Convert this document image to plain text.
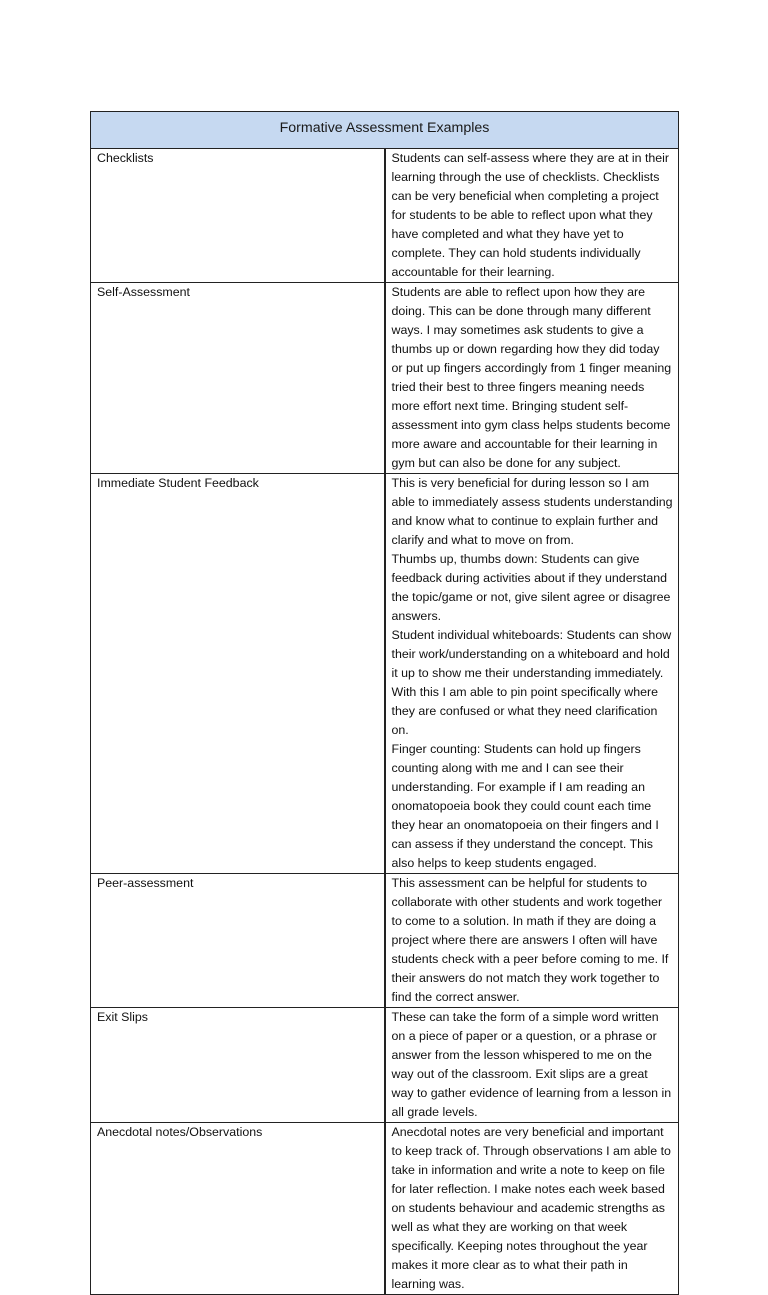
Formative Assessment Examples	

Checklists	Students can self-assess where they are at in their learning through the use of checklists. Checklists can be very beneficial when completing a project for students to be able to reflect upon what they have completed and what they have yet to complete. They can hold students individually accountable for their learning.

Self-Assessment	Students are able to reflect upon how they are doing. This can be done through many different ways. I may sometimes ask students to give a thumbs up or down regarding how they did today or put up fingers accordingly from 1 finger meaning tried their best to three fingers meaning needs more effort next time. Bringing student self-assessment into gym class helps students become more aware and accountable for their learning in gym but can also be done for any subject.

Immediate Student Feedback	This is very beneficial for during lesson so I am able to immediately assess students understanding and know what to continue to explain further and clarify and what to move on from.
Thumbs up, thumbs down: Students can give feedback during activities about if they understand the topic/game or not, give silent agree or disagree answers.
Student individual whiteboards: Students can show their work/understanding on a whiteboard and hold it up to show me their understanding immediately. With this I am able to pin point specifically where they are confused or what they need clarification on.
Finger counting: Students can hold up fingers counting along with me and I can see their understanding. For example if I am reading an onomatopoeia book they could count each time they hear an onomatopoeia on their fingers and I can assess if they understand the concept. This also helps to keep students engaged.

Peer-assessment	This assessment can be helpful for students to collaborate with other students and work together to come to a solution. In math if they are doing a project where there are answers I often will have students check with a peer before coming to me. If their answers do not match they work together to find the correct answer.

Exit Slips	These can take the form of a simple word written on a piece of paper or a question, or a phrase or answer from the lesson whispered to me on the way out of the classroom. Exit slips are a great way to gather evidence of learning from a lesson in all grade levels.

Anecdotal notes/Observations	Anecdotal notes are very beneficial and important to keep track of. Through observations I am able to take in information and write a note to keep on file for later reflection. I make notes each week based on students behaviour and academic strengths as well as what they are working on that week specifically. Keeping notes throughout the year makes it more clear as to what their path in learning was.
